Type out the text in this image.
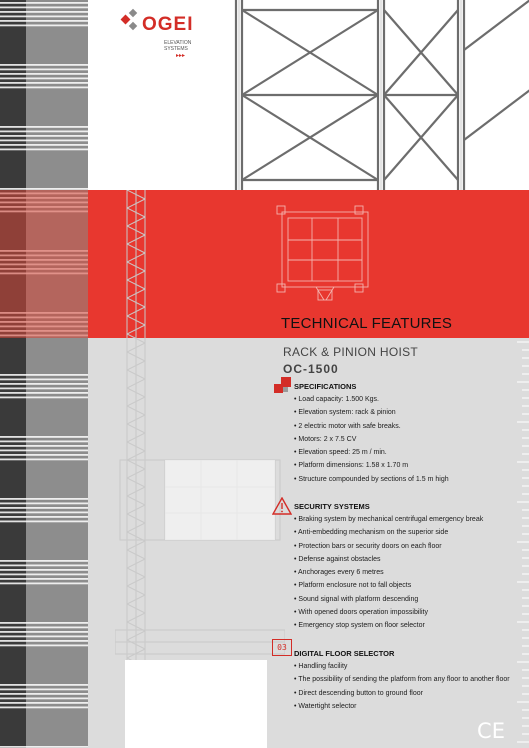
OGEI
ELEVATION
SYSTEMS
▸▸▸
TECHNICAL FEATURES
RACK & PINION HOIST
OC-1500
SPECIFICATIONS
• Load capacity: 1.500 Kgs.
• Elevation system: rack & pinion
• 2 electric motor with safe breaks.
• Motors: 2 x 7.5 CV
• Elevation speed: 25 m / min.
• Platform dimensions: 1.58 x 1.70 m
• Structure compounded by sections of 1.5 m high
SECURITY SYSTEMS
• Braking system by mechanical centrifugal emergency break
• Anti-embedding mechanism on the superior side
• Protection bars or security doors on each floor
• Defense against obstacles
• Anchorages every 6 metres
• Platform enclosure not to fall objects
• Sound signal with platform descending
• With opened doors operation impossibility
• Emergency stop system on floor selector
03
DIGITAL FLOOR SELECTOR
• Handling facility
• The possibility of sending the platform from any floor to another floor
• Direct descending button to ground floor
• Watertight selector
CE
